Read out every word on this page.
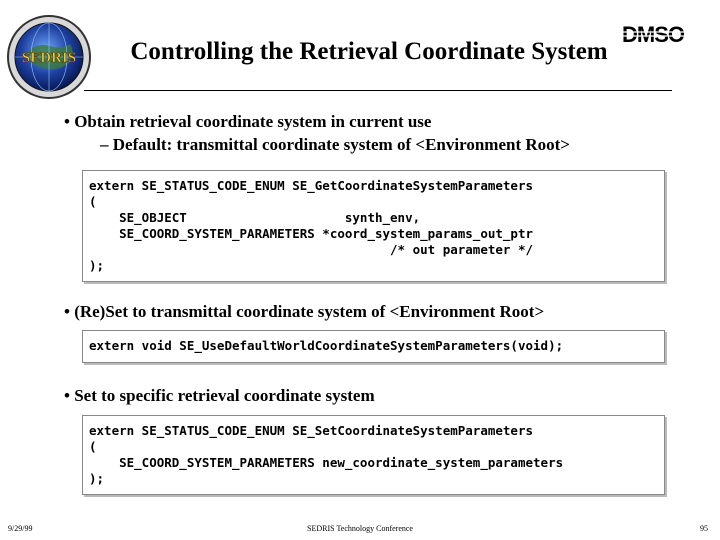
SEDRIS
DMSO
Controlling the Retrieval Coordinate System
• Obtain retrieval coordinate system in current use
– Default: transmittal coordinate system of <Environment Root>
extern SE_STATUS_CODE_ENUM SE_GetCoordinateSystemParameters
(
SE_OBJECT                     synth_env,
SE_COORD_SYSTEM_PARAMETERS *coord_system_params_out_ptr
/* out parameter */
);
• (Re)Set to transmittal coordinate system of <Environment Root>
extern void SE_UseDefaultWorldCoordinateSystemParameters(void);
• Set to specific retrieval coordinate system
extern SE_STATUS_CODE_ENUM SE_SetCoordinateSystemParameters
(
SE_COORD_SYSTEM_PARAMETERS new_coordinate_system_parameters
);
9/29/99	SEDRIS Technology Conference	95
